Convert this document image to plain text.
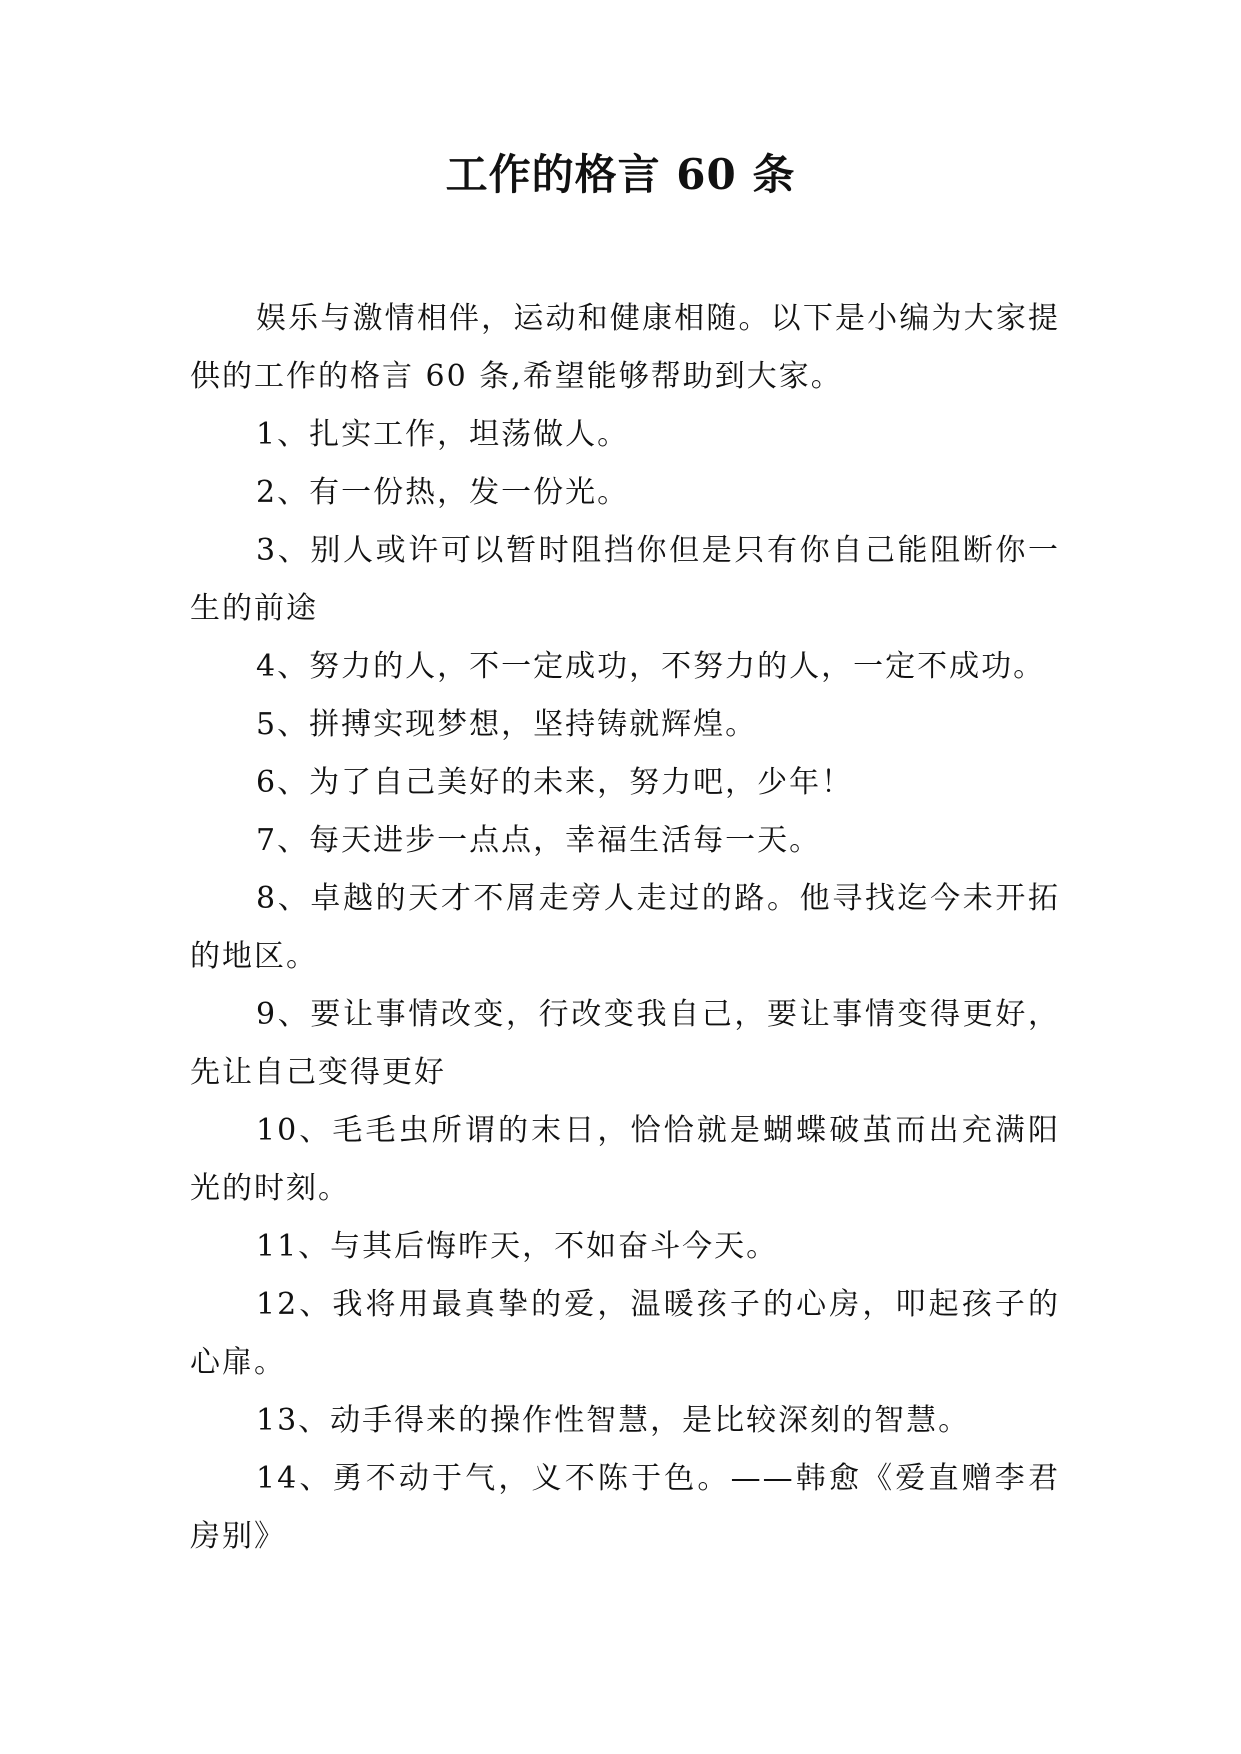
工作的格言 60 条

娱乐与激情相伴，运动和健康相随。以下是小编为大家提供的工作的格言 60 条,希望能够帮助到大家。

1、扎实工作，坦荡做人。

2、有一份热，发一份光。

3、别人或许可以暂时阻挡你但是只有你自己能阻断你一生的前途

4、努力的人，不一定成功，不努力的人，一定不成功。

5、拼搏实现梦想，坚持铸就辉煌。

6、为了自己美好的未来，努力吧，少年！

7、每天进步一点点，幸福生活每一天。

8、卓越的天才不屑走旁人走过的路。他寻找迄今未开拓的地区。

9、要让事情改变，行改变我自己，要让事情变得更好，先让自己变得更好

10、毛毛虫所谓的末日，恰恰就是蝴蝶破茧而出充满阳光的时刻。

11、与其后悔昨天，不如奋斗今天。

12、我将用最真挚的爱，温暖孩子的心房，叩起孩子的心扉。

13、动手得来的操作性智慧，是比较深刻的智慧。

14、勇不动于气，义不陈于色。——韩愈《爱直赠李君房别》
